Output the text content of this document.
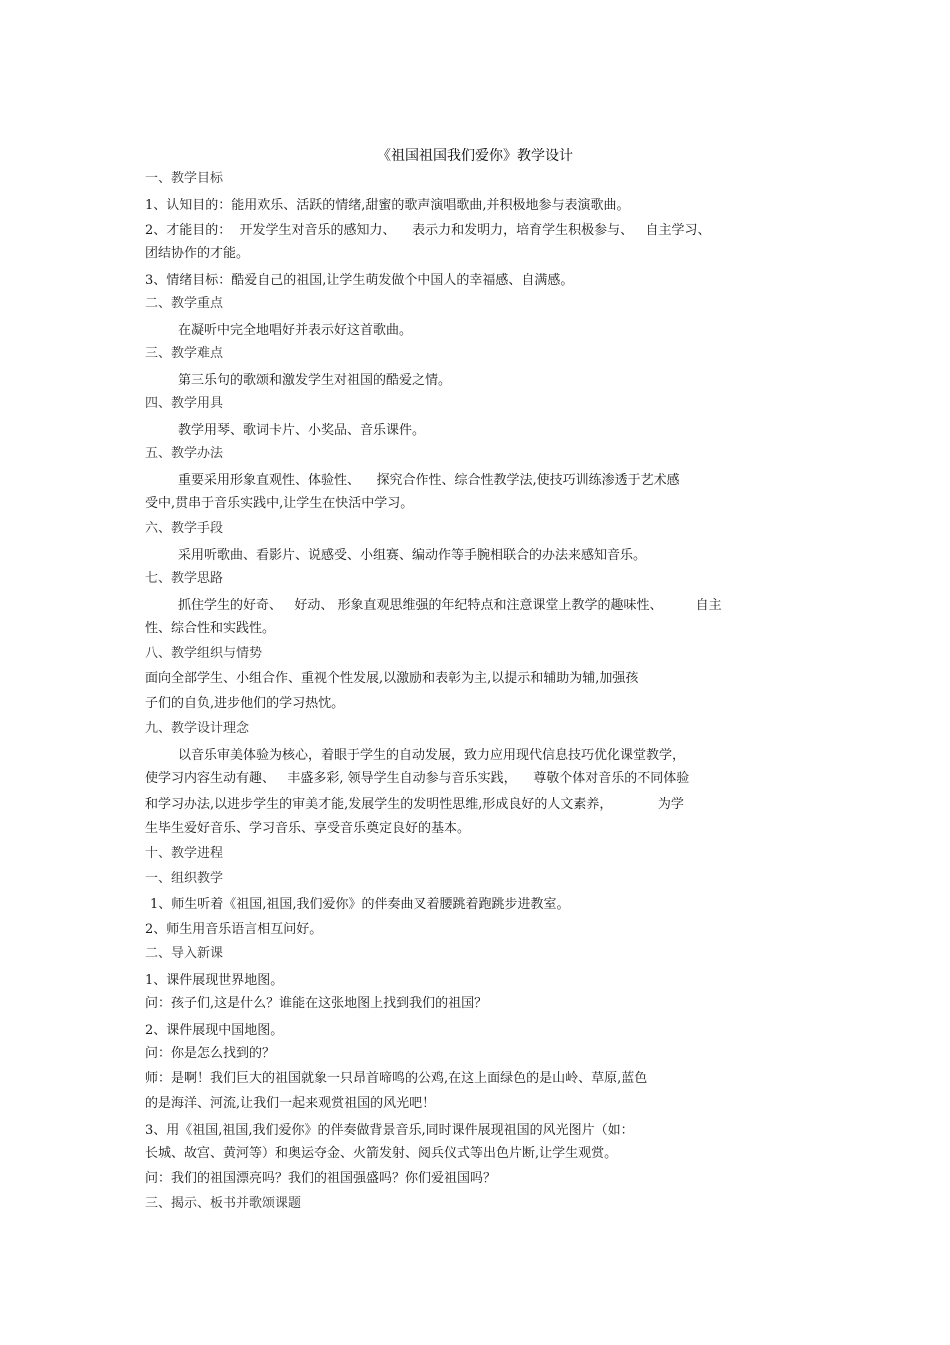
《祖国祖国我们爱你》教学设计
一、教学目标
1、认知目的：能用欢乐、活跃的情绪,甜蜜的歌声演唱歌曲,并积极地参与表演歌曲。
2、才能目的：  开发学生对音乐的感知力、    表示力和发明力，培育学生积极参与、   自主学习、
团结协作的才能。
3、情绪目标：酷爱自己的祖国,让学生萌发做个中国人的幸福感、自满感。
二、教学重点
在凝听中完全地唱好并表示好这首歌曲。
三、教学难点
第三乐句的歌颂和激发学生对祖国的酷爱之情。
四、教学用具
教学用琴、歌词卡片、小奖品、音乐课件。
五、教学办法
重要采用形象直观性、体验性、    探究合作性、综合性教学法,使技巧训练渗透于艺术感
受中,贯串于音乐实践中,让学生在快活中学习。
六、教学手段
采用听歌曲、看影片、说感受、小组赛、编动作等手腕相联合的办法来感知音乐。
七、教学思路
抓住学生的好奇、   好动、 形象直观思维强的年纪特点和注意课堂上教学的趣味性、        自主
性、综合性和实践性。
八、教学组织与情势
面向全部学生、小组合作、重视个性发展,以激励和表彰为主,以提示和辅助为辅,加强孩
子们的自负,进步他们的学习热忱。
九、教学设计理念
以音乐审美体验为核心，着眼于学生的自动发展，致力应用现代信息技巧优化课堂教学，
使学习内容生动有趣、   丰盛多彩, 领导学生自动参与音乐实践，    尊敬个体对音乐的不同体验
和学习办法,以进步学生的审美才能,发展学生的发明性思维,形成良好的人文素养，           为学
生毕生爱好音乐、学习音乐、享受音乐奠定良好的基本。
十、教学进程
一、组织教学
1、师生听着《祖国,祖国,我们爱你》的伴奏曲叉着腰跳着跑跳步进教室。
2、师生用音乐语言相互问好。
二、导入新课
1、课件展现世界地图。
问：孩子们,这是什么？谁能在这张地图上找到我们的祖国？
2、课件展现中国地图。
问：你是怎么找到的？
师：是啊！我们巨大的祖国就象一只昂首啼鸣的公鸡,在这上面绿色的是山岭、草原,蓝色
的是海洋、河流,让我们一起来观赏祖国的风光吧！
3、用《祖国,祖国,我们爱你》的伴奏做背景音乐,同时课件展现祖国的风光图片（如：
长城、故宫、黄河等）和奥运夺金、火箭发射、阅兵仪式等出色片断,让学生观赏。
问：我们的祖国漂亮吗？我们的祖国强盛吗？你们爱祖国吗？
三、揭示、板书并歌颂课题
